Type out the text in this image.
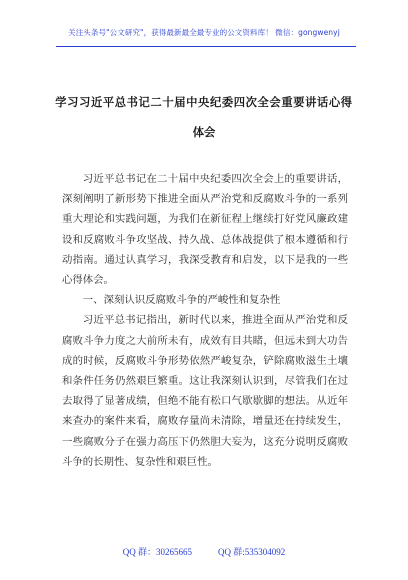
关注头条号"公文研究"，获得最新最全最专业的公文资料库！ 微信：gongwenyj
学习习近平总书记二十届中央纪委四次全会重要讲话心得
体会

习近平总书记在二十届中央纪委四次全会上的重要讲话，深刻阐明了新形势下推进全面从严治党和反腐败斗争的一系列重大理论和实践问题，为我们在新征程上继续打好党风廉政建设和反腐败斗争攻坚战、持久战、总体战提供了根本遵循和行动指南。通过认真学习，我深受教育和启发，以下是我的一些心得体会。

一、深刻认识反腐败斗争的严峻性和复杂性

习近平总书记指出，新时代以来，推进全面从严治党和反腐败斗争力度之大前所未有，成效有目共睹，但远未到大功告成的时候，反腐败斗争形势依然严峻复杂，铲除腐败滋生土壤和条件任务仍然艰巨繁重。这让我深刻认识到，尽管我们在过去取得了显著成绩，但绝不能有松口气歇歇脚的想法。从近年来查办的案件来看，腐败存量尚未清除，增量还在持续发生，一些腐败分子在强力高压下仍然胆大妄为，这充分说明反腐败斗争的长期性、复杂性和艰巨性。

QQ 群：30265665	QQ 群:535304092
